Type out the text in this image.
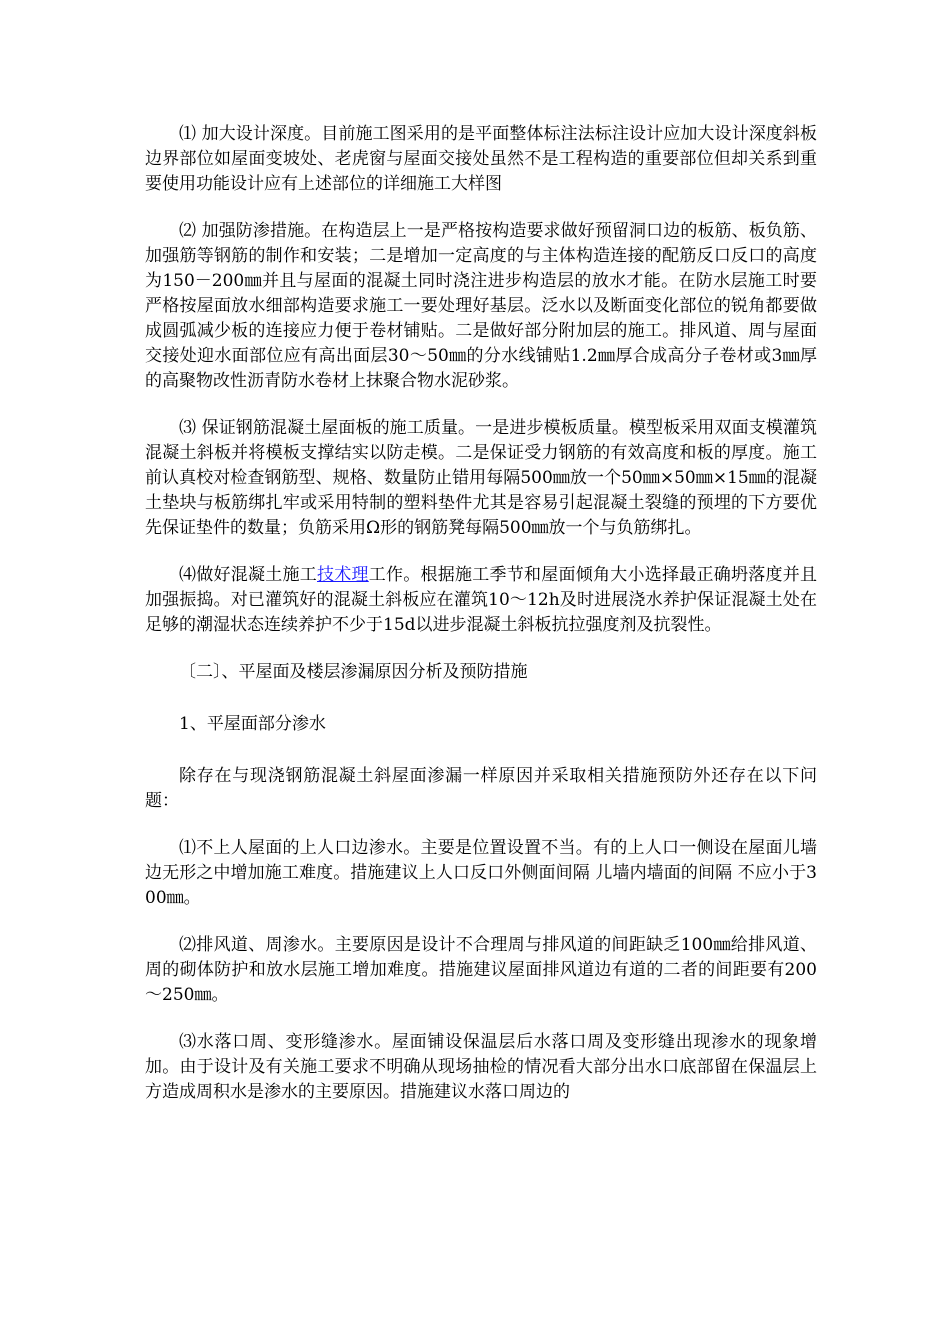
⑴ 加大设计深度。目前施工图采用的是平面整体标注法标注设计应加大设计深度斜板边界部位如屋面变坡处、老虎窗与屋面交接处虽然不是工程构造的重要部位但却关系到重要使用功能设计应有上述部位的详细施工大样图

⑵ 加强防渗措施。在构造层上一是严格按构造要求做好预留洞口边的板筋、板负筋、加强筋等钢筋的制作和安装；二是增加一定高度的与主体构造连接的配筋反口反口的高度为150－200㎜并且与屋面的混凝土同时浇注进步构造层的放水才能。在防水层施工时要严格按屋面放水细部构造要求施工一要处理好基层。泛水以及断面变化部位的锐角都要做成圆弧减少板的连接应力便于卷材铺贴。二是做好部分附加层的施工。排风道、周与屋面交接处迎水面部位应有高出面层30～50㎜的分水线铺贴1.2㎜厚合成高分子卷材或3㎜厚的高聚物改性沥青防水卷材上抹聚合物水泥砂浆。

⑶ 保证钢筋混凝土屋面板的施工质量。一是进步模板质量。模型板采用双面支模灌筑混凝土斜板并将模板支撑结实以防走模。二是保证受力钢筋的有效高度和板的厚度。施工前认真校对检查钢筋型、规格、数量防止错用每隔500㎜放一个50㎜×50㎜×15㎜的混凝土垫块与板筋绑扎牢或采用特制的塑料垫件尤其是容易引起混凝土裂缝的预埋的下方要优先保证垫件的数量；负筋采用Ω形的钢筋凳每隔500㎜放一个与负筋绑扎。

⑷做好混凝土施工技术理工作。根据施工季节和屋面倾角大小选择最正确坍落度并且加强振捣。对已灌筑好的混凝土斜板应在灌筑10～12h及时进展浇水养护保证混凝土处在足够的潮湿状态连续养护不少于15d以进步混凝土斜板抗拉强度剂及抗裂性。

〔二〕、平屋面及楼层渗漏原因分析及预防措施

1、平屋面部分渗水

除存在与现浇钢筋混凝土斜屋面渗漏一样原因并采取相关措施预防外还存在以下问题：

⑴不上人屋面的上人口边渗水。主要是位置设置不当。有的上人口一侧设在屋面儿墙边无形之中增加施工难度。措施建议上人口反口外侧面间隔 儿墙内墙面的间隔 不应小于300㎜。

⑵排风道、周渗水。主要原因是设计不合理周与排风道的间距缺乏100㎜给排风道、周的砌体防护和放水层施工增加难度。措施建议屋面排风道边有道的二者的间距要有200～250㎜。

⑶水落口周、变形缝渗水。屋面铺设保温层后水落口周及变形缝出现渗水的现象增加。由于设计及有关施工要求不明确从现场抽检的情况看大部分出水口底部留在保温层上方造成周积水是渗水的主要原因。措施建议水落口周边的
